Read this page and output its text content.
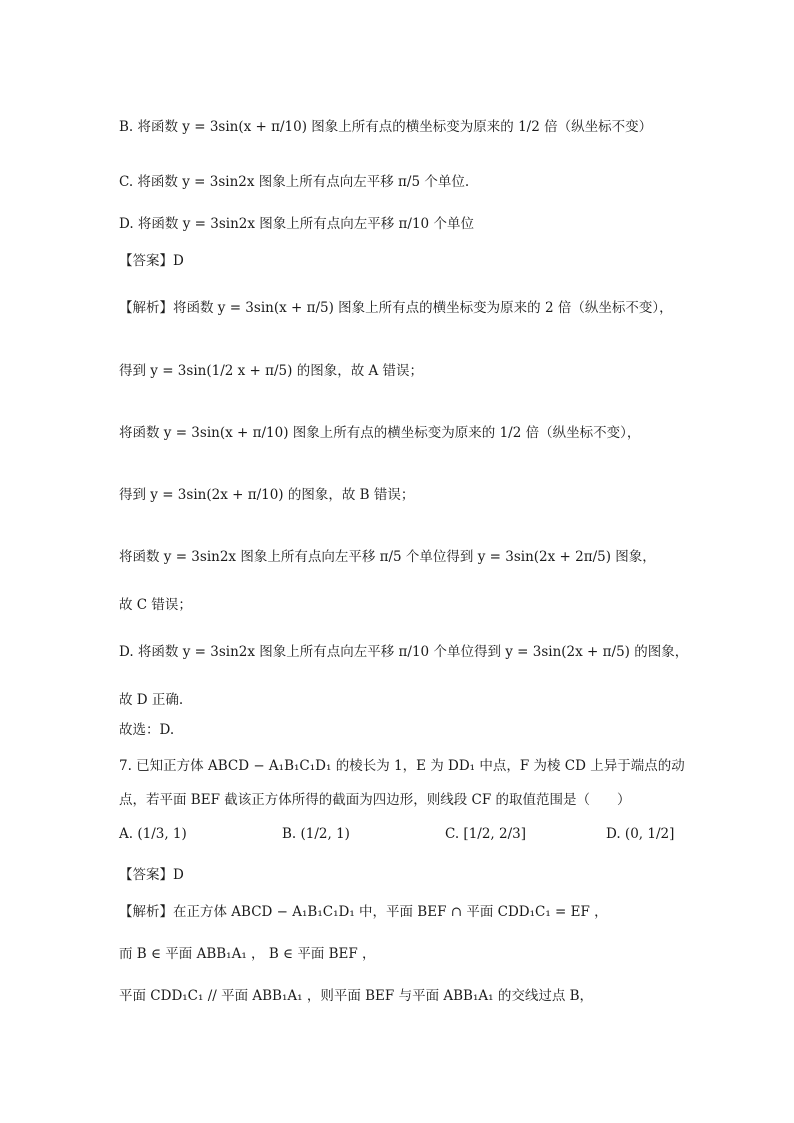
B. 将函数 y = 3sin(x + π/10) 图象上所有点的横坐标变为原来的 1/2 倍（纵坐标不变）
C. 将函数 y = 3sin2x 图象上所有点向左平移 π/5 个单位.
D. 将函数 y = 3sin2x 图象上所有点向左平移 π/10 个单位
【答案】D
【解析】将函数 y = 3sin(x + π/5) 图象上所有点的横坐标变为原来的 2 倍（纵坐标不变），
得到 y = 3sin(1/2 x + π/5) 的图象，故 A 错误；
将函数 y = 3sin(x + π/10) 图象上所有点的横坐标变为原来的 1/2 倍（纵坐标不变），
得到 y = 3sin(2x + π/10) 的图象，故 B 错误；
将函数 y = 3sin2x 图象上所有点向左平移 π/5 个单位得到 y = 3sin(2x + 2π/5) 图象，
故 C 错误；
D. 将函数 y = 3sin2x 图象上所有点向左平移 π/10 个单位得到 y = 3sin(2x + π/5) 的图象，
故 D 正确.
故选：D.
7. 已知正方体 ABCD − A₁B₁C₁D₁ 的棱长为 1，E 为 DD₁ 中点，F 为棱 CD 上异于端点的动
点，若平面 BEF 截该正方体所得的截面为四边形，则线段 CF 的取值范围是（　　）
A. (1/3, 1)	B. (1/2, 1)	C. [1/2, 2/3]	D. (0, 1/2]
【答案】D
【解析】在正方体 ABCD − A₁B₁C₁D₁ 中，平面 BEF ∩ 平面 CDD₁C₁ = EF ，
而 B ∈ 平面 ABB₁A₁ ， B ∈ 平面 BEF ，
平面 CDD₁C₁ // 平面 ABB₁A₁ ，则平面 BEF 与平面 ABB₁A₁ 的交线过点 B，
